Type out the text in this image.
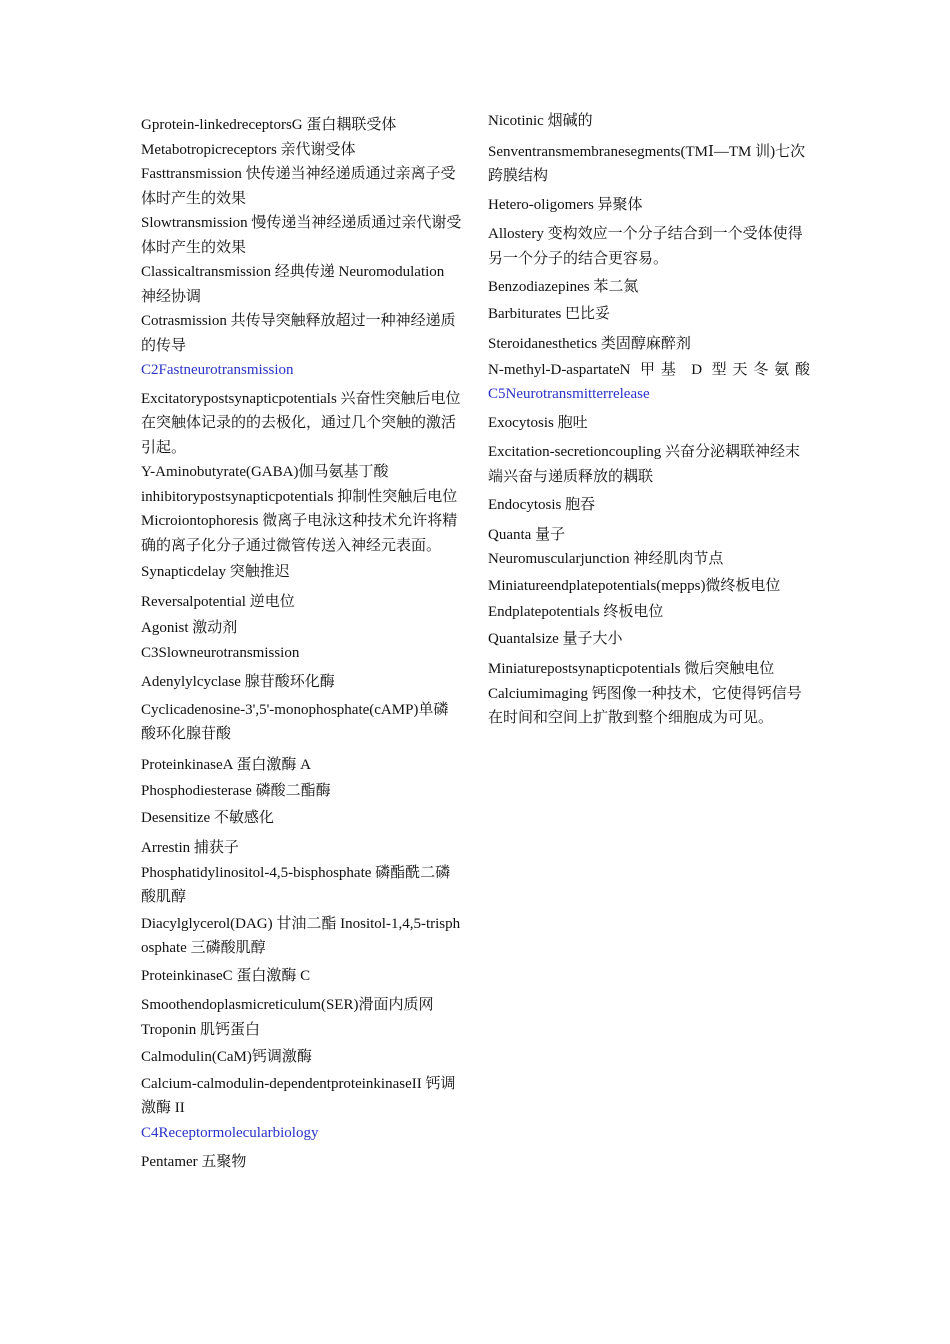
Gprotein-linkedreceptorsG 蛋白耦联受体

Metabotropicreceptors 亲代谢受体

Fasttransmission 快传递当神经递质通过亲离子受体时产生的效果

Slowtransmission 慢传递当神经递质通过亲代谢受体时产生的效果

Classicaltransmission 经典传递 Neuromodulation 神经协调

Cotrasmission 共传导突触释放超过一种神经递质的传导

C2Fastneurotransmission

Excitatorypostsynapticpotentials 兴奋性突触后电位在突触体记录的的去极化，通过几个突触的激活引起。

Y-Aminobutyrate(GABA)伽马氨基丁酸

inhibitorypostsynapticpotentials 抑制性突触后电位

Microiontophoresis 微离子电泳这种技术允许将精确的离子化分子通过微管传送入神经元表面。

Synapticdelay 突触推迟

Reversalpotential 逆电位

Agonist 激动剂

C3Slowneurotransmission

Adenylylcyclase 腺苷酸环化酶

Cyclicadenosine-3',5'-monophosphate(cAMP)单磷酸环化腺苷酸

ProteinkinaseA 蛋白激酶 A

Phosphodiesterase 磷酸二酯酶

Desensitize 不敏感化

Arrestin 捕获子

Phosphatidylinositol-4,5-bisphosphate 磷酯酰二磷酸肌醇

Diacylglycerol(DAG) 甘油二酯 Inositol-1,4,5-trisphosphate 三磷酸肌醇

ProteinkinaseC 蛋白激酶 C

Smoothendoplasmicreticulum(SER)滑面内质网

Troponin 肌钙蛋白

Calmodulin(CaM)钙调激酶

Calcium-calmodulin-dependentproteinkinaseII 钙调激酶 II

C4Receptormolecularbiology

Pentamer 五聚物

Nicotinic 烟碱的

Senventransmembranesegments(TMⅠ—TM 训)七次跨膜结构

Hetero-oligomers 异聚体

Allostery 变构效应一个分子结合到一个受体使得另一个分子的结合更容易。

Benzodiazepines 苯二氮

Barbiturates 巴比妥

Steroidanesthetics 类固醇麻醉剂

N-methyl-D-aspartateN 甲基 D 型天冬氨酸

C5Neurotransmitterrelease

Exocytosis 胞吐

Excitation-secretioncoupling 兴奋分泌耦联神经末端兴奋与递质释放的耦联

Endocytosis 胞吞

Quanta 量子

Neuromuscularjunction 神经肌肉节点

Miniatureendplatepotentials(mepps)微终板电位

Endplatepotentials 终板电位

Quantalsize 量子大小

Miniaturepostsynapticpotentials 微后突触电位

Calciumimaging 钙图像一种技术，它使得钙信号在时间和空间上扩散到整个细胞成为可见。
